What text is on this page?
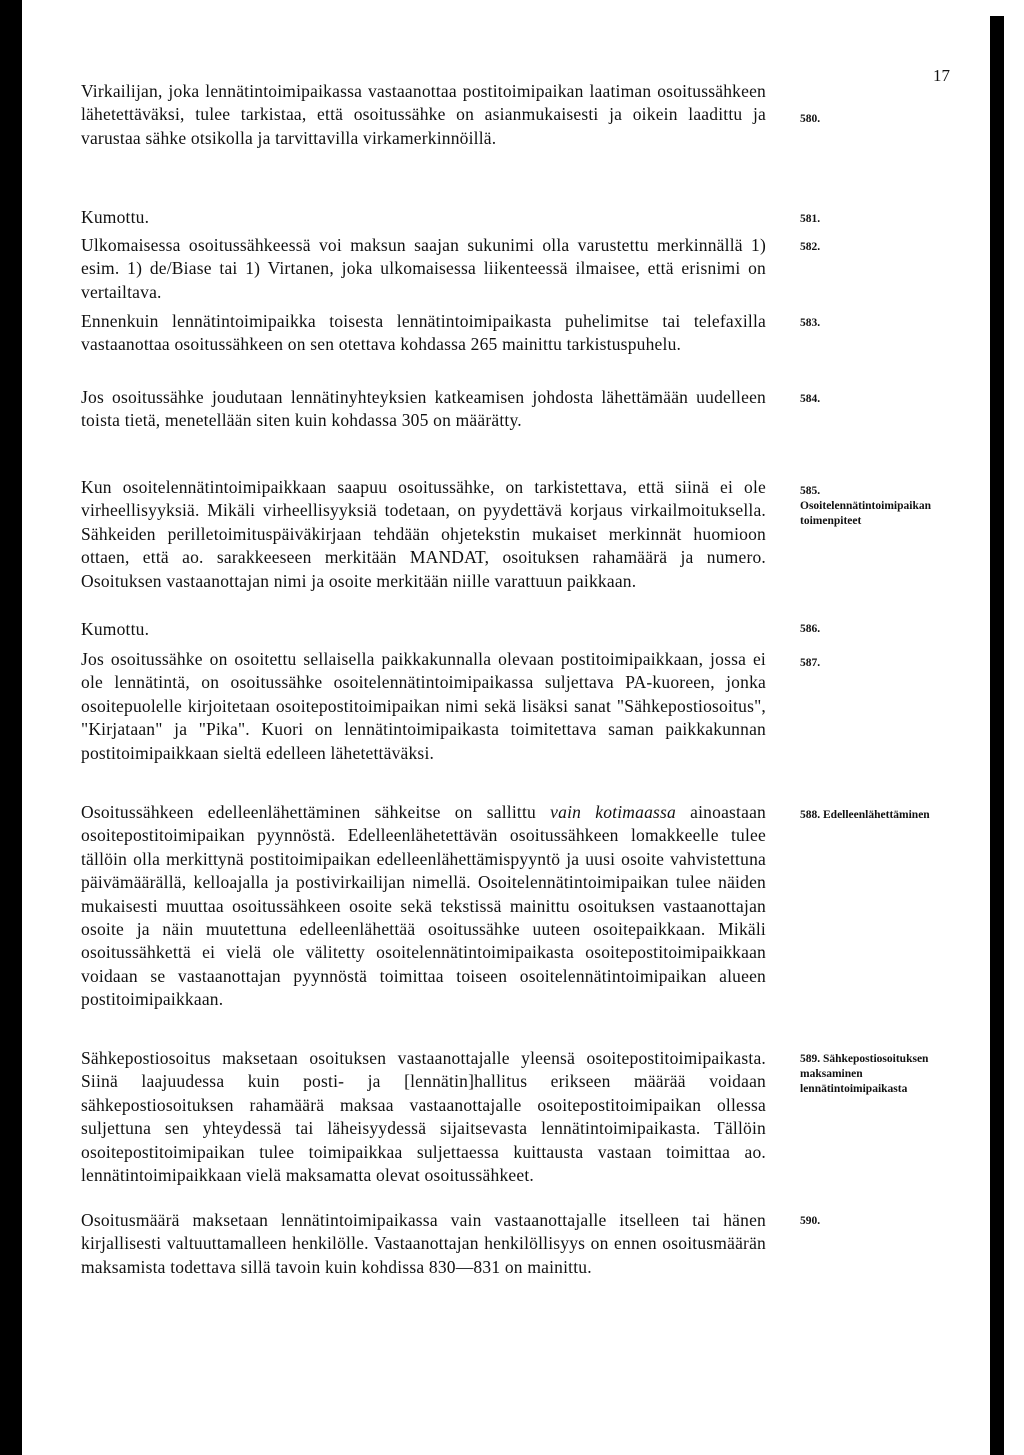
17

Virkailijan, joka lennätintoimipaikassa vastaanottaa postitoimipaikan laatiman osoitussähkeen lähetettäväksi, tulee tarkistaa, että osoitussähke on asianmukaisesti ja oikein laadittu ja varustaa sähke otsikolla ja tarvittavilla virkamerkinnöillä.

580.

Kumottu.	581.

Ulkomaisessa osoitussähkeessä voi maksun saajan sukunimi olla varustettu merkinnällä 1) esim. 1) de/Biase tai 1) Virtanen, joka ulkomaisessa liikenteessä ilmaisee, että erisnimi on vertailtava.

582.

Ennenkuin lennätintoimipaikka toisesta lennätintoimipaikasta puhelimitse tai telefaxilla vastaanottaa osoitussähkeen on sen otettava kohdassa 265 mainittu tarkistuspuhelu.

583.

Jos osoitussähke joudutaan lennätinyhteyksien katkeamisen johdosta lähettämään uudelleen toista tietä, menetellään siten kuin kohdassa 305 on määrätty.

584.

Kun osoitelennätintoimipaikkaan saapuu osoitussähke, on tarkistettava, että siinä ei ole virheellisyyksiä. Mikäli virheellisyyksiä todetaan, on pyydettävä korjaus virkailmoituksella. Sähkeiden perilletoimituspäiväkirjaan tehdään ohjetekstin mukaiset merkinnät huomioon ottaen, että ao. sarakkeeseen merkitään MANDAT, osoituksen rahamäärä ja numero. Osoituksen vastaanottajan nimi ja osoite merkitään niille varattuun paikkaan.

585. Osoitelennätintoimipaikan toimenpiteet

Kumottu.	586.

Jos osoitussähke on osoitettu sellaisella paikkakunnalla olevaan postitoimipaikkaan, jossa ei ole lennätintä, on osoitussähke osoitelennätintoimipaikassa suljettava PA-kuoreen, jonka osoitepuolelle kirjoitetaan osoitepostitoimipaikan nimi sekä lisäksi sanat "Sähkepostiosoitus", "Kirjataan" ja "Pika". Kuori on lennätintoimipaikasta toimitettava saman paikkakunnan postitoimipaikkaan sieltä edelleen lähetettäväksi.

587.

Osoitussähkeen edelleenlähettäminen sähkeitse on sallittu vain kotimaassa ainoastaan osoitepostitoimipaikan pyynnöstä. Edelleenlähetettävän osoitussähkeen lomakkeelle tulee tällöin olla merkittynä postitoimipaikan edelleenlähettämispyyntö ja uusi osoite vahvistettuna päivämäärällä, kelloajalla ja postivirkailijan nimellä. Osoitelennätintoimipaikan tulee näiden mukaisesti muuttaa osoitussähkeen osoite sekä tekstissä mainittu osoituksen vastaanottajan osoite ja näin muutettuna edelleenlähettää osoitussähke uuteen osoitepaikkaan. Mikäli osoitussähkettä ei vielä ole välitetty osoitelennätintoimipaikasta osoitepostitoimipaikkaan voidaan se vastaanottajan pyynnöstä toimittaa toiseen osoitelennätintoimipaikan alueen postitoimipaikkaan.

588. Edelleenlähettäminen

Sähkepostiosoitus maksetaan osoituksen vastaanottajalle yleensä osoitepostitoimipaikasta. Siinä laajuudessa kuin posti- ja [lennätin]hallitus erikseen määrää voidaan sähkepostiosoituksen rahamäärä maksaa vastaanottajalle osoitepostitoimipaikan ollessa suljettuna sen yhteydessä tai läheisyydessä sijaitsevasta lennätintoimipaikasta. Tällöin osoitepostitoimipaikan tulee toimipaikkaa suljettaessa kuittausta vastaan toimittaa ao. lennätintoimipaikkaan vielä maksamatta olevat osoitussähkeet.

589. Sähkepostiosoituksen maksaminen lennätintoimipaikasta

Osoitusmäärä maksetaan lennätintoimipaikassa vain vastaanottajalle itselleen tai hänen kirjallisesti valtuuttamalleen henkilölle. Vastaanottajan henkilöllisyys on ennen osoitusmäärän maksamista todettava sillä tavoin kuin kohdissa 830—831 on mainittu.

590.
